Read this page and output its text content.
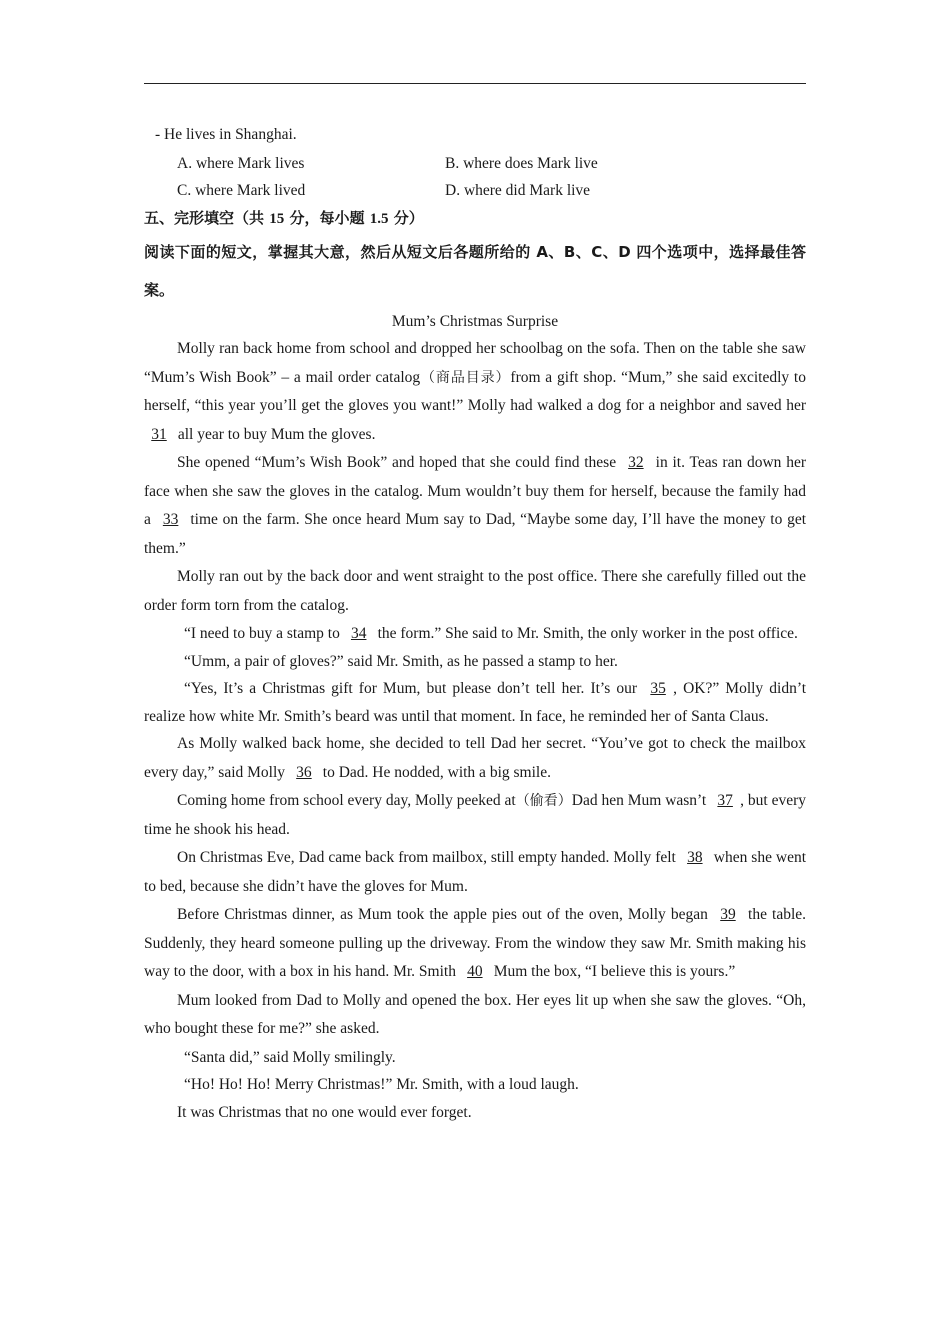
- He lives in Shanghai.
A. where Mark lives	B. where does Mark live
C. where Mark lived	D. where did Mark live
五、完形填空（共 15 分，每小题 1.5 分）
阅读下面的短文，掌握其大意，然后从短文后各题所给的 A、B、C、D 四个选项中，选择最佳答案。
Mum’s Christmas Surprise

Molly ran back home from school and dropped her schoolbag on the sofa. Then on the table she saw “Mum’s Wish Book” – a mail order catalog（商品目录）from a gift shop. “Mum,” she said excitedly to herself, “this year you’ll get the gloves you want!” Molly had walked a dog for a neighbor and saved her 31 all year to buy Mum the gloves.

She opened “Mum’s Wish Book” and hoped that she could find these 32 in it. Teas ran down her face when she saw the gloves in the catalog. Mum wouldn’t buy them for herself, because the family had a 33 time on the farm. She once heard Mum say to Dad, “Maybe some day, I’ll have the money to get them.”

Molly ran out by the back door and went straight to the post office. There she carefully filled out the order form torn from the catalog.

“I need to buy a stamp to 34 the form.” She said to Mr. Smith, the only worker in the post office.

“Umm, a pair of gloves?” said Mr. Smith, as he passed a stamp to her.

“Yes, It’s a Christmas gift for Mum, but please don’t tell her. It’s our 35 , OK?” Molly didn’t realize how white Mr. Smith’s beard was until that moment. In face, he reminded her of Santa Claus.

As Molly walked back home, she decided to tell Dad her secret. “You’ve got to check the mailbox every day,” said Molly 36 to Dad. He nodded, with a big smile.

Coming home from school every day, Molly peeked at（偷看）Dad hen Mum wasn’t 37 , but every time he shook his head.

On Christmas Eve, Dad came back from mailbox, still empty handed. Molly felt 38 when she went to bed, because she didn’t have the gloves for Mum.

Before Christmas dinner, as Mum took the apple pies out of the oven, Molly began 39 the table. Suddenly, they heard someone pulling up the driveway. From the window they saw Mr. Smith making his way to the door, with a box in his hand. Mr. Smith 40 Mum the box, “I believe this is yours.”

Mum looked from Dad to Molly and opened the box. Her eyes lit up when she saw the gloves. “Oh, who bought these for me?” she asked.

“Santa did,” said Molly smilingly.

“Ho! Ho! Ho! Merry Christmas!” Mr. Smith, with a loud laugh.

It was Christmas that no one would ever forget.
